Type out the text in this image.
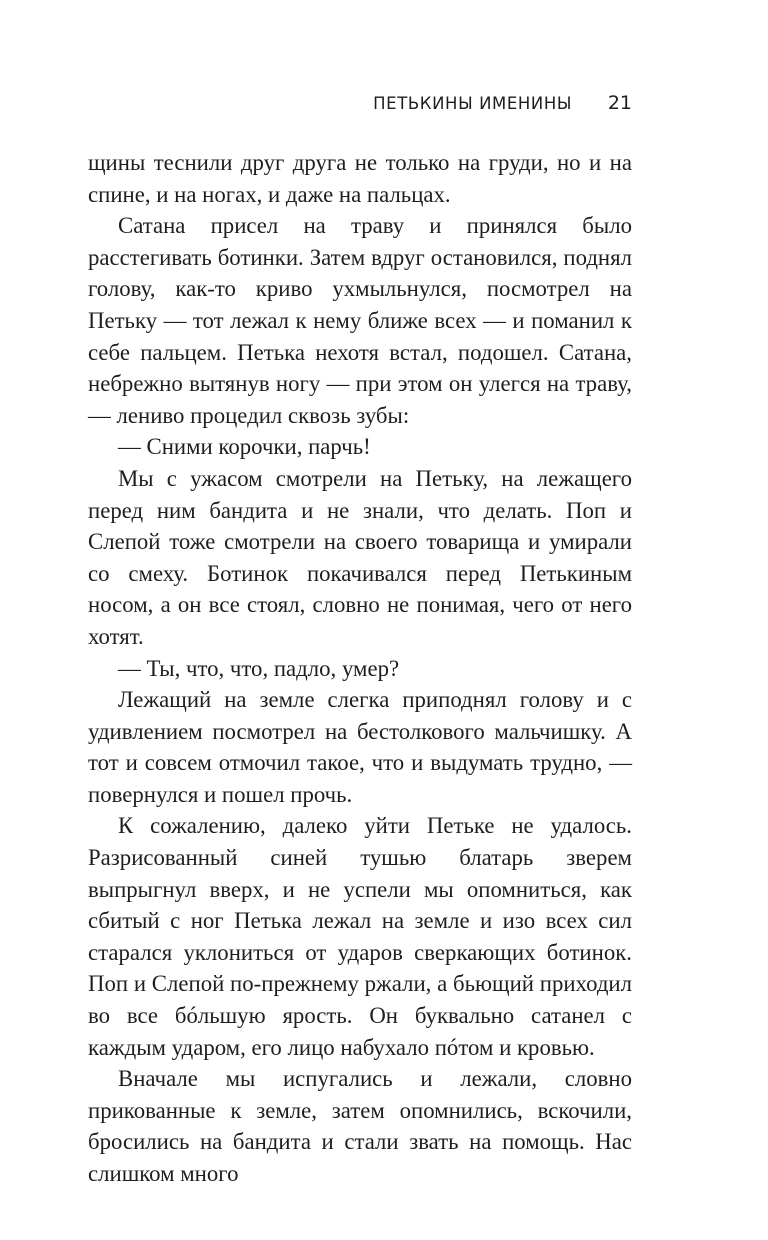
ПЕТЬКИНЫ ИМЕНИНЫ 21

щины теснили друг друга не только на груди, но и на спине, и на ногах, и даже на пальцах.

Сатана присел на траву и принялся было расстегивать ботинки. Затем вдруг остановился, поднял голову, как-то криво ухмыльнулся, посмотрел на Петьку — тот лежал к нему ближе всех — и поманил к себе пальцем. Петька нехотя встал, подошел. Сатана, небрежно вытянув ногу — при этом он улегся на траву, — лениво процедил сквозь зубы:

— Сними корочки, парчь!

Мы с ужасом смотрели на Петьку, на лежащего перед ним бандита и не знали, что делать. Поп и Слепой тоже смотрели на своего товарища и умирали со смеху. Ботинок покачивался перед Петькиным носом, а он все стоял, словно не понимая, чего от него хотят.

— Ты, что, что, падло, умер?

Лежащий на земле слегка приподнял голову и с удивлением посмотрел на бестолкового мальчишку. А тот и совсем отмочил такое, что и выдумать трудно, — повернулся и пошел прочь.

К сожалению, далеко уйти Петьке не удалось. Разрисованный синей тушью блатарь зверем выпрыгнул вверх, и не успели мы опомниться, как сбитый с ног Петька лежал на земле и изо всех сил старался уклониться от ударов сверкающих ботинок. Поп и Слепой по-прежнему ржали, а бьющий приходил во все бóльшую ярость. Он буквально сатанел с каждым ударом, его лицо набухало пóтом и кровью.

Вначале мы испугались и лежали, словно прикованные к земле, затем опомнились, вскочили, бросились на бандита и стали звать на помощь. Нас слишком много
